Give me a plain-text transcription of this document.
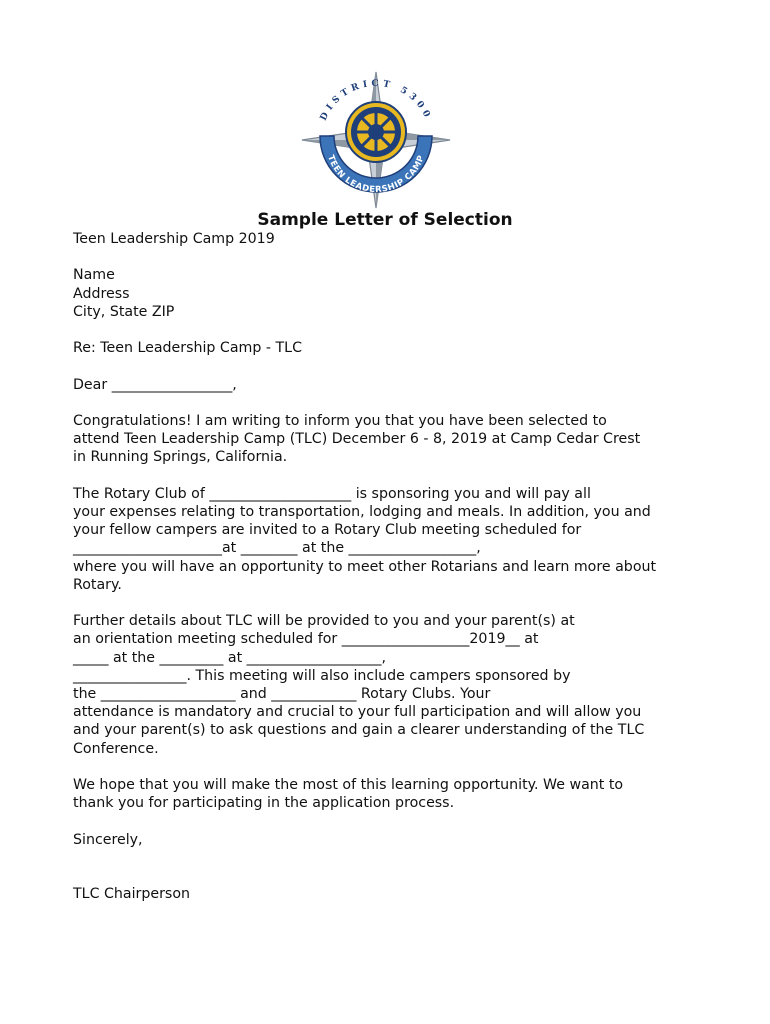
DISTRICT 5300
TEEN LEADERSHIP CAMP
Sample Letter of Selection
Teen Leadership Camp 2019
Name
Address
City, State ZIP
Re: Teen Leadership Camp - TLC
Dear _________________,
Congratulations! I am writing to inform you that you have been selected to
attend Teen Leadership Camp (TLC) December 6 - 8, 2019 at Camp Cedar Crest
in Running Springs, California.
The Rotary Club of ____________________ is sponsoring you and will pay all
your expenses relating to transportation, lodging and meals. In addition, you and
your fellow campers are invited to a Rotary Club meeting scheduled for
_____________________at ________ at the __________________,
where you will have an opportunity to meet other Rotarians and learn more about
Rotary.
Further details about TLC will be provided to you and your parent(s) at
an orientation meeting scheduled for __________________2019__ at
_____ at the _________ at ___________________,
________________. This meeting will also include campers sponsored by
the ___________________ and ____________ Rotary Clubs. Your
attendance is mandatory and crucial to your full participation and will allow you
and your parent(s) to ask questions and gain a clearer understanding of the TLC
Conference.
We hope that you will make the most of this learning opportunity. We want to
thank you for participating in the application process.
Sincerely,
TLC Chairperson
